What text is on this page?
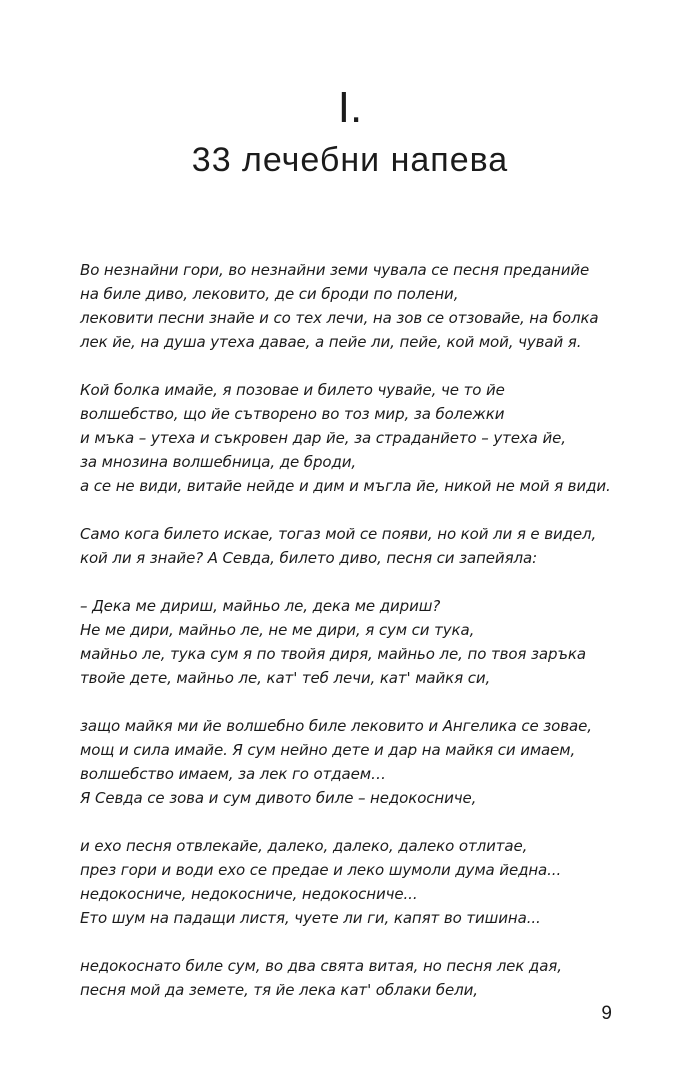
I.
33 лечебни напева
Во незнайни гори, во незнайни земи чувала се песня преданийе
на биле диво, лековито, де си броди по полени,
лековити песни знайе и со тех лечи, на зов се отзовайе, на болка
лек йе, на душа утеха давае, а пейе ли, пейе, кой мой, чувай я.
Кой болка имайе, я позовае и билето чувайе, че то йе
волшебство, що йе сътворено во тоз мир, за болежки
и мъка – утеха и съкровен дар йе, за страданйето – утеха йе,
за мнозина волшебница, де броди,
а се не види, витайе нейде и дим и мъгла йе, никой не мой я види.
Само кога билето искае, тогаз мой се появи, но кой ли я е видел,
кой ли я знайе? А Севда, билето диво, песня си запейяла:
– Дека ме дириш, майньо ле, дека ме дириш?
Не ме дири, майньо ле, не ме дири, я сум си тука,
майньо ле, тука сум я по твойя диря, майньо ле, по твоя заръка
твойе дете, майньо ле, кат' теб лечи, кат' майкя си,
защо майкя ми йе волшебно биле лековито и Ангелика се зовае,
мощ и сила имайе. Я сум нейно дете и дар на майкя си имаем,
волшебство имаем, за лек го отдаем…
Я Севда се зова и сум дивото биле – недокосниче,
и ехо песня отвлекайе, далеко, далеко, далеко отлитае,
през гори и води ехо се предае и леко шумоли дума йедна...
недокосниче, недокосниче, недокосниче...
Ето шум на падащи листя, чуете ли ги, капят во тишина...
недокоснато биле сум, во два свята витая, но песня лек дая,
песня мой да земете, тя йе лека кат' облаки бели,
9
